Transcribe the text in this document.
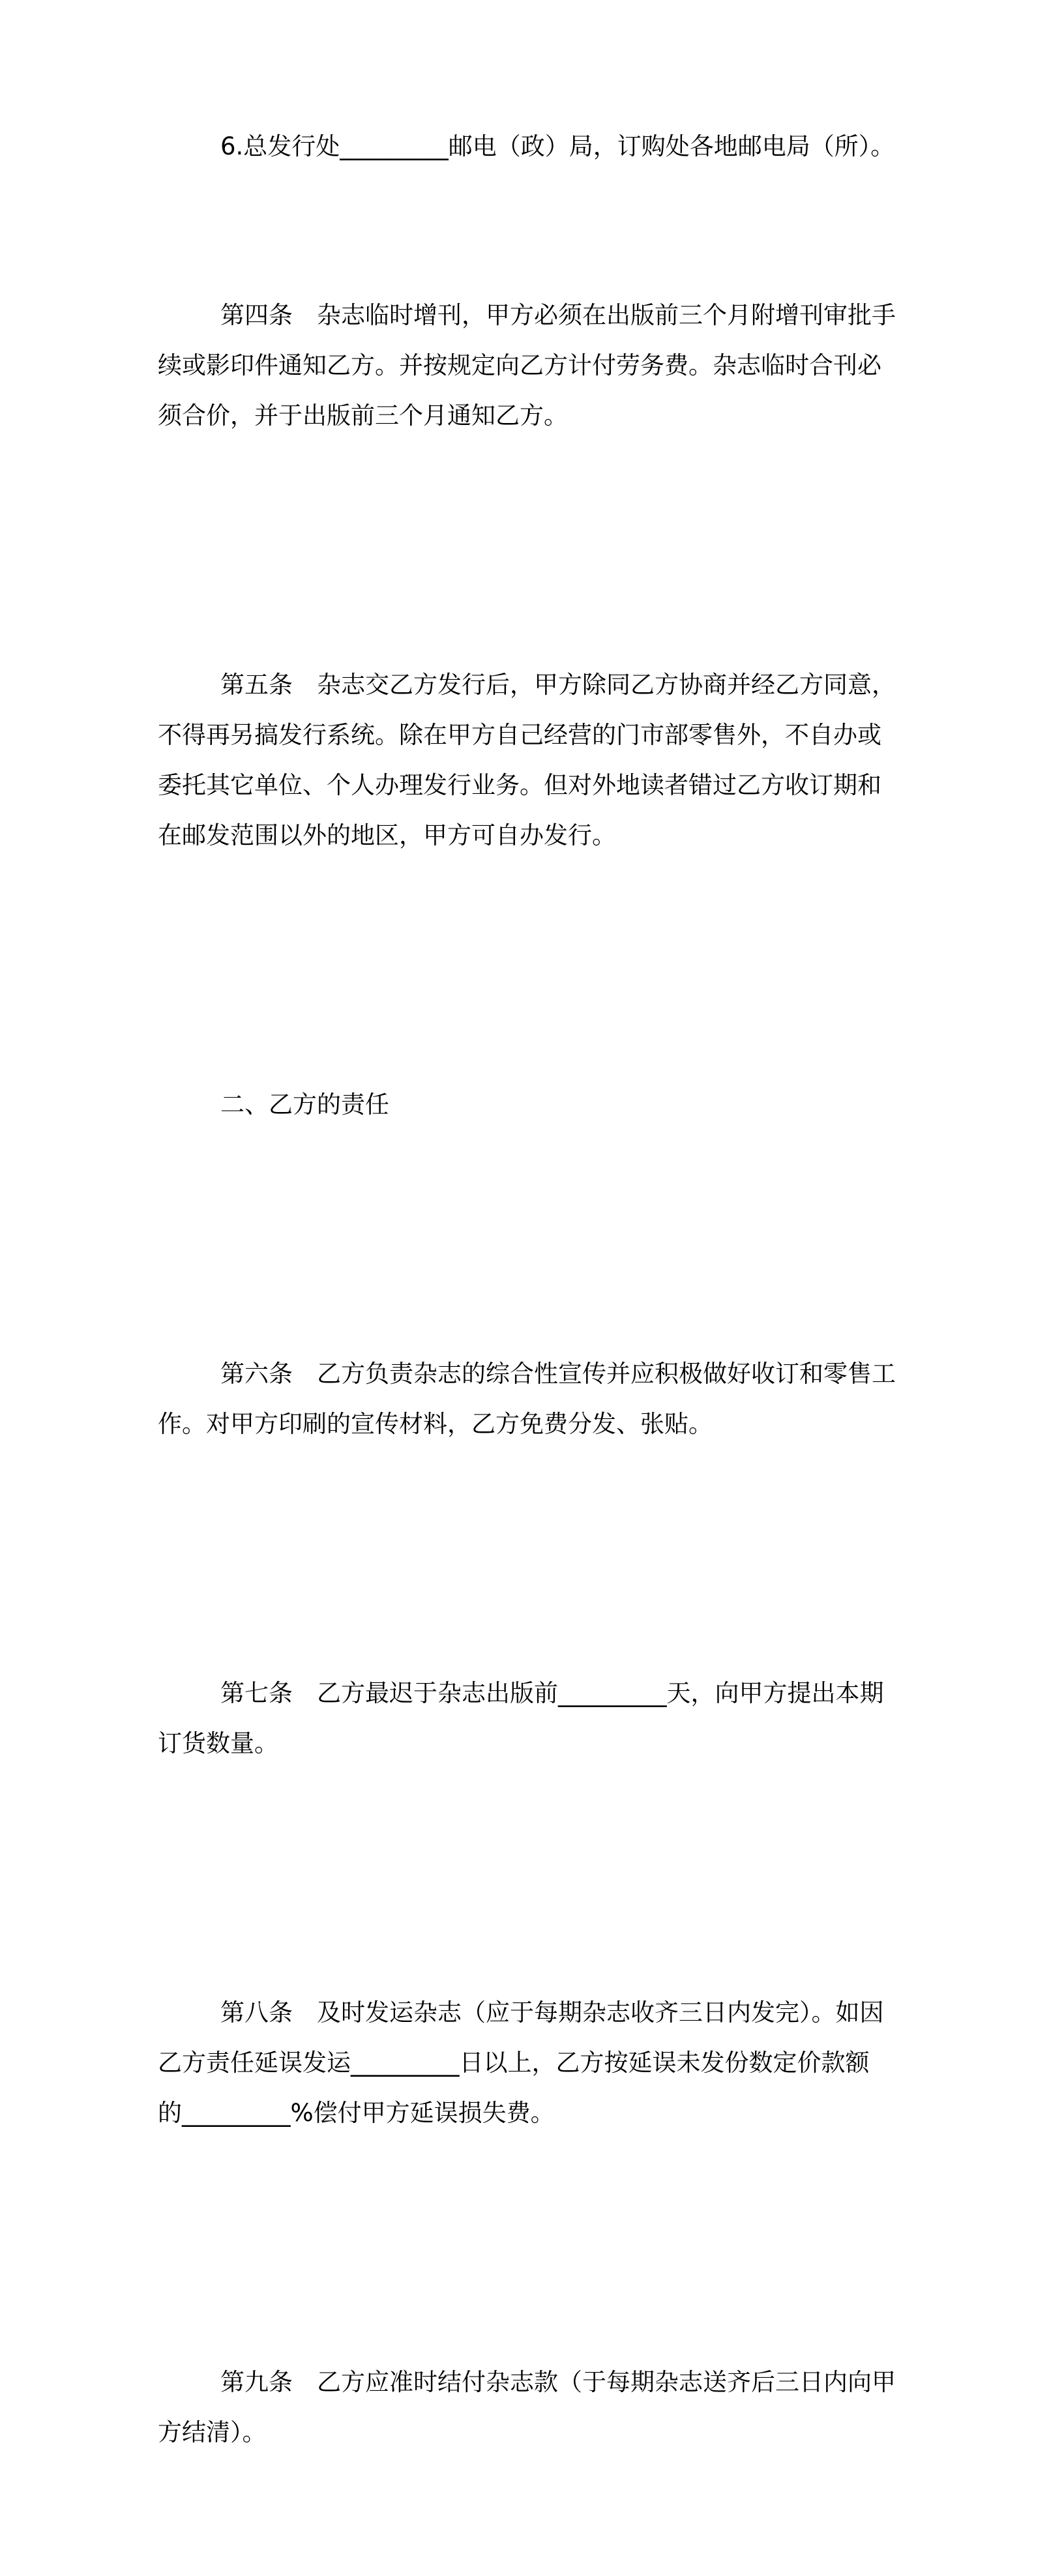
6.总发行处_________邮电（政）局，订购处各地邮电局（所）。

第四条　杂志临时增刊，甲方必须在出版前三个月附增刊审批手
续或影印件通知乙方。并按规定向乙方计付劳务费。杂志临时合刊必
须合价，并于出版前三个月通知乙方。

第五条　杂志交乙方发行后，甲方除同乙方协商并经乙方同意，
不得再另搞发行系统。除在甲方自己经营的门市部零售外，不自办或
委托其它单位、个人办理发行业务。但对外地读者错过乙方收订期和
在邮发范围以外的地区，甲方可自办发行。

二、乙方的责任

第六条　乙方负责杂志的综合性宣传并应积极做好收订和零售工
作。对甲方印刷的宣传材料，乙方免费分发、张贴。

第七条　乙方最迟于杂志出版前_________天，向甲方提出本期
订货数量。

第八条　及时发运杂志（应于每期杂志收齐三日内发完）。如因
乙方责任延误发运_________日以上，乙方按延误未发份数定价款额
的_________%偿付甲方延误损失费。

第九条　乙方应准时结付杂志款（于每期杂志送齐后三日内向甲
方结清）。
